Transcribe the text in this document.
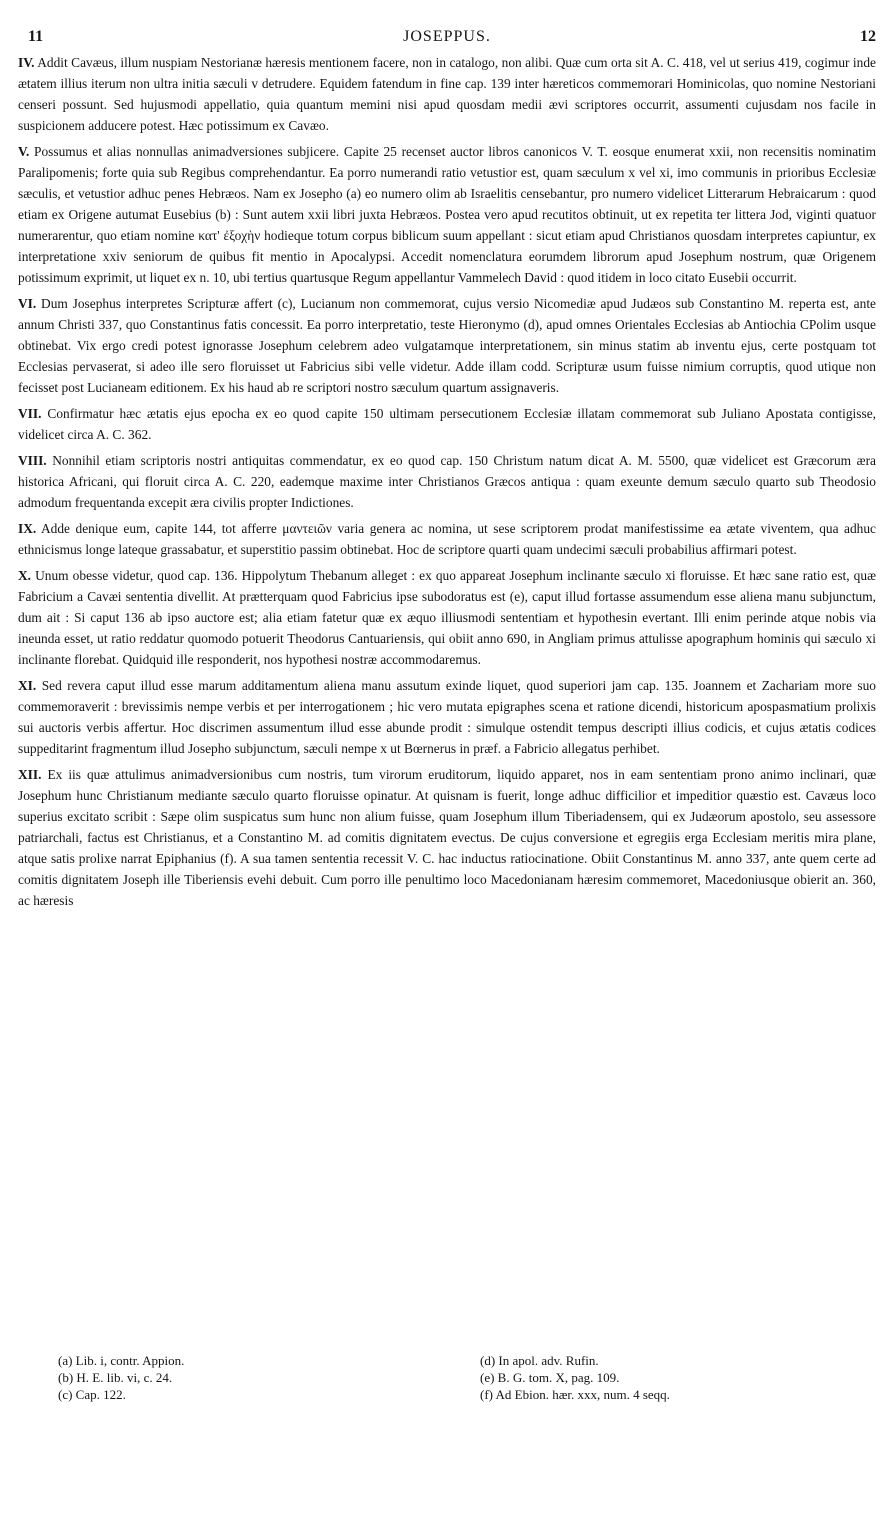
11	JOSEPPUS.	12

IV. Addit Cavæus, illum nuspiam Nestorianæ hæresis mentionem facere, non in catalogo, non alibi. Quæ cum orta sit A. C. 418, vel ut serius 419, cogimur inde ætatem illius iterum non ultra initia sæculi v detrudere. Equidem fatendum in fine cap. 139 inter hæreticos commemorari Hominicolas, quo nomine Nestoriani censeri possunt. Sed hujusmodi appellatio, quia quantum memini nisi apud quosdam medii ævi scriptores occurrit, assumenti cujusdam nos facile in suspicionem adducere potest. Hæc potissimum ex Cavæo.

V. Possumus et alias nonnullas animadversiones subjicere. Capite 25 recenset auctor libros canonicos V. T. eosque enumerat xxii, non recensitis nominatim Paralipomenis; forte quia sub Regibus comprehendantur. Ea porro numerandi ratio vetustior est, quam sæculum x vel xi, imo communis in prioribus Ecclesiæ sæculis, et vetustior adhuc penes Hebræos. Nam ex Josepho (a) eo numero olim ab Israelitis censebantur, pro numero videlicet Litterarum Hebraicarum : quod etiam ex Origene autumat Eusebius (b) : Sunt autem xxii libri juxta Hebræos. Postea vero apud recutitos obtinuit, ut ex repetita ter littera Jod, viginti quatuor numerarentur, quo etiam nomine κατ' ἐξοχὴν hodieque totum corpus biblicum suum appellant : sicut etiam apud Christianos quosdam interpretes capiuntur, ex interpretatione xxiv seniorum de quibus fit mentio in Apocalypsi. Accedit nomenclatura eorumdem librorum apud Josephum nostrum, quæ Origenem potissimum exprimit, ut liquet ex n. 10, ubi tertius quartusque Regum appellantur Vammelech David : quod itidem in loco citato Eusebii occurrit.

VI. Dum Josephus interpretes Scripturæ affert (c), Lucianum non commemorat, cujus versio Nicomediæ apud Judæos sub Constantino M. reperta est, ante annum Christi 337, quo Constantinus fatis concessit. Ea porro interpretatio, teste Hieronymo (d), apud omnes Orientales Ecclesias ab Antiochia CPolim usque obtinebat. Vix ergo credi potest ignorasse Josephum celebrem adeo vulgatamque interpretationem, sin minus statim ab inventu ejus, certe postquam tot Ecclesias pervaserat, si adeo ille sero floruisset ut Fabricius sibi velle videtur. Adde illam codd. Scripturæ usum fuisse nimium corruptis, quod utique non fecisset post Lucianeam editionem. Ex his haud ab re scriptori nostro sæculum quartum assignaveris.

VII. Confirmatur hæc ætatis ejus epocha ex eo quod capite 150 ultimam persecutionem Ecclesiæ illatam commemorat sub Juliano Apostata contigisse, videlicet circa A. C. 362.

VIII. Nonnihil etiam scriptoris nostri antiquitas commendatur, ex eo quod cap. 150 Christum natum dicat A. M. 5500, quæ videlicet est Græcorum æra historica Africani, qui floruit circa A. C. 220, eademque maxime inter Christianos Græcos antiqua : quam exeunte demum sæculo quarto sub Theodosio admodum frequentanda excepit æra civilis propter Indictiones.

IX. Adde denique eum, capite 144, tot afferre μαντειῶν varia genera ac nomina, ut sese scriptorem prodat manifestissime ea ætate viventem, qua adhuc ethnicismus longe lateque grassabatur, et superstitio passim obtinebat. Hoc de scriptore quarti quam undecimi sæculi probabilius affirmari potest.

X. Unum obesse videtur, quod cap. 136. Hippolytum Thebanum alleget : ex quo appareat Josephum inclinante sæculo xi floruisse. Et hæc sane ratio est, quæ Fabricium a Cavæi sententia divellit. At prætterquam quod Fabricius ipse subodoratus est (e), caput illud fortasse assumendum esse aliena manu subjunctum, dum ait : Si caput 136 ab ipso auctore est; alia etiam fatetur quæ ex æquo illiusmodi sententiam et hypothesin evertant. Illi enim perinde atque nobis via ineunda esset, ut ratio reddatur quomodo potuerit Theodorus Cantuariensis, qui obiit anno 690, in Angliam primus attulisse apographum hominis qui sæculo xi inclinante florebat. Quidquid ille responderit, nos hypothesi nostræ accommodaremus.

XI. Sed revera caput illud esse marum additamentum aliena manu assutum exinde liquet, quod superiori jam cap. 135. Joannem et Zachariam more suo commemoraverit : brevissimis nempe verbis et per interrogationem ; hic vero mutata epigraphes scena et ratione dicendi, historicum apospasmatium prolixis sui auctoris verbis affertur. Hoc discrimen assumentum illud esse abunde prodit : simulque ostendit tempus descripti illius codicis, et cujus ætatis codices suppeditarint fragmentum illud Josepho subjunctum, sæculi nempe x ut Bœrnerus in præf. a Fabricio allegatus perhibet.

XII. Ex iis quæ attulimus animadversionibus cum nostris, tum virorum eruditorum, liquido apparet, nos in eam sententiam prono animo inclinari, quæ Josephum hunc Christianum mediante sæculo quarto floruisse opinatur. At quisnam is fuerit, longe adhuc difficilior et impeditior quæstio est. Cavæus loco superius excitato scribit : Sæpe olim suspicatus sum hunc non alium fuisse, quam Josephum illum Tiberiadensem, qui ex Judæorum apostolo, seu assessore patriarchali, factus est Christianus, et a Constantino M. ad comitis dignitatem evectus. De cujus conversione et egregiis erga Ecclesiam meritis mira plane, atque satis prolixe narrat Epiphanius (f). A sua tamen sententia recessit V. C. hac inductus ratiocinatione. Obiit Constantinus M. anno 337, ante quem certe ad comitis dignitatem Joseph ille Tiberiensis evehi debuit. Cum porro ille penultimo loco Macedonianam hæresim commemoret, Macedoniusque obierit an. 360, ac hæresis

(a) Lib. i, contr. Appion.
(b) H. E. lib. vi, c. 24.
(c) Cap. 122.
(d) In apol. adv. Rufin.
(e) B. G. tom. X, pag. 109.
(f) Ad Ebion. hær. xxx, num. 4 seqq.
